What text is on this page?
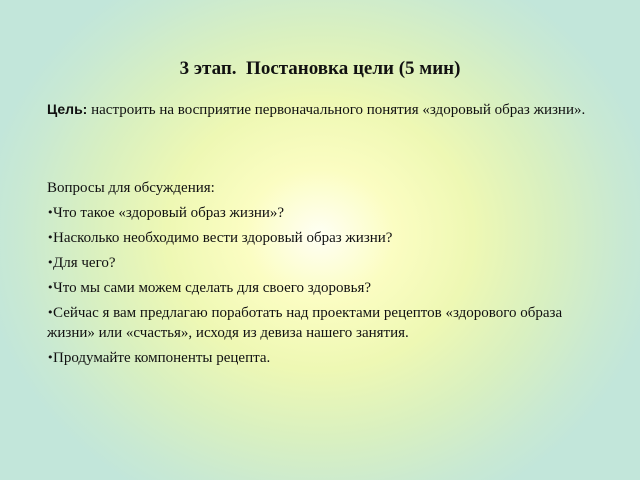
3 этап.  Постановка цели (5 мин)
Цель: настроить на восприятие первоначального понятия «здоровый образ жизни».
Вопросы для обсуждения:
•Что такое «здоровый образ жизни»?
•Насколько необходимо вести здоровый образ жизни?
•Для чего?
•Что мы сами можем сделать для своего здоровья?
•Сейчас я вам предлагаю поработать над проектами рецептов «здорового образа жизни» или «счастья», исходя из девиза нашего занятия.
•Продумайте компоненты рецепта.
